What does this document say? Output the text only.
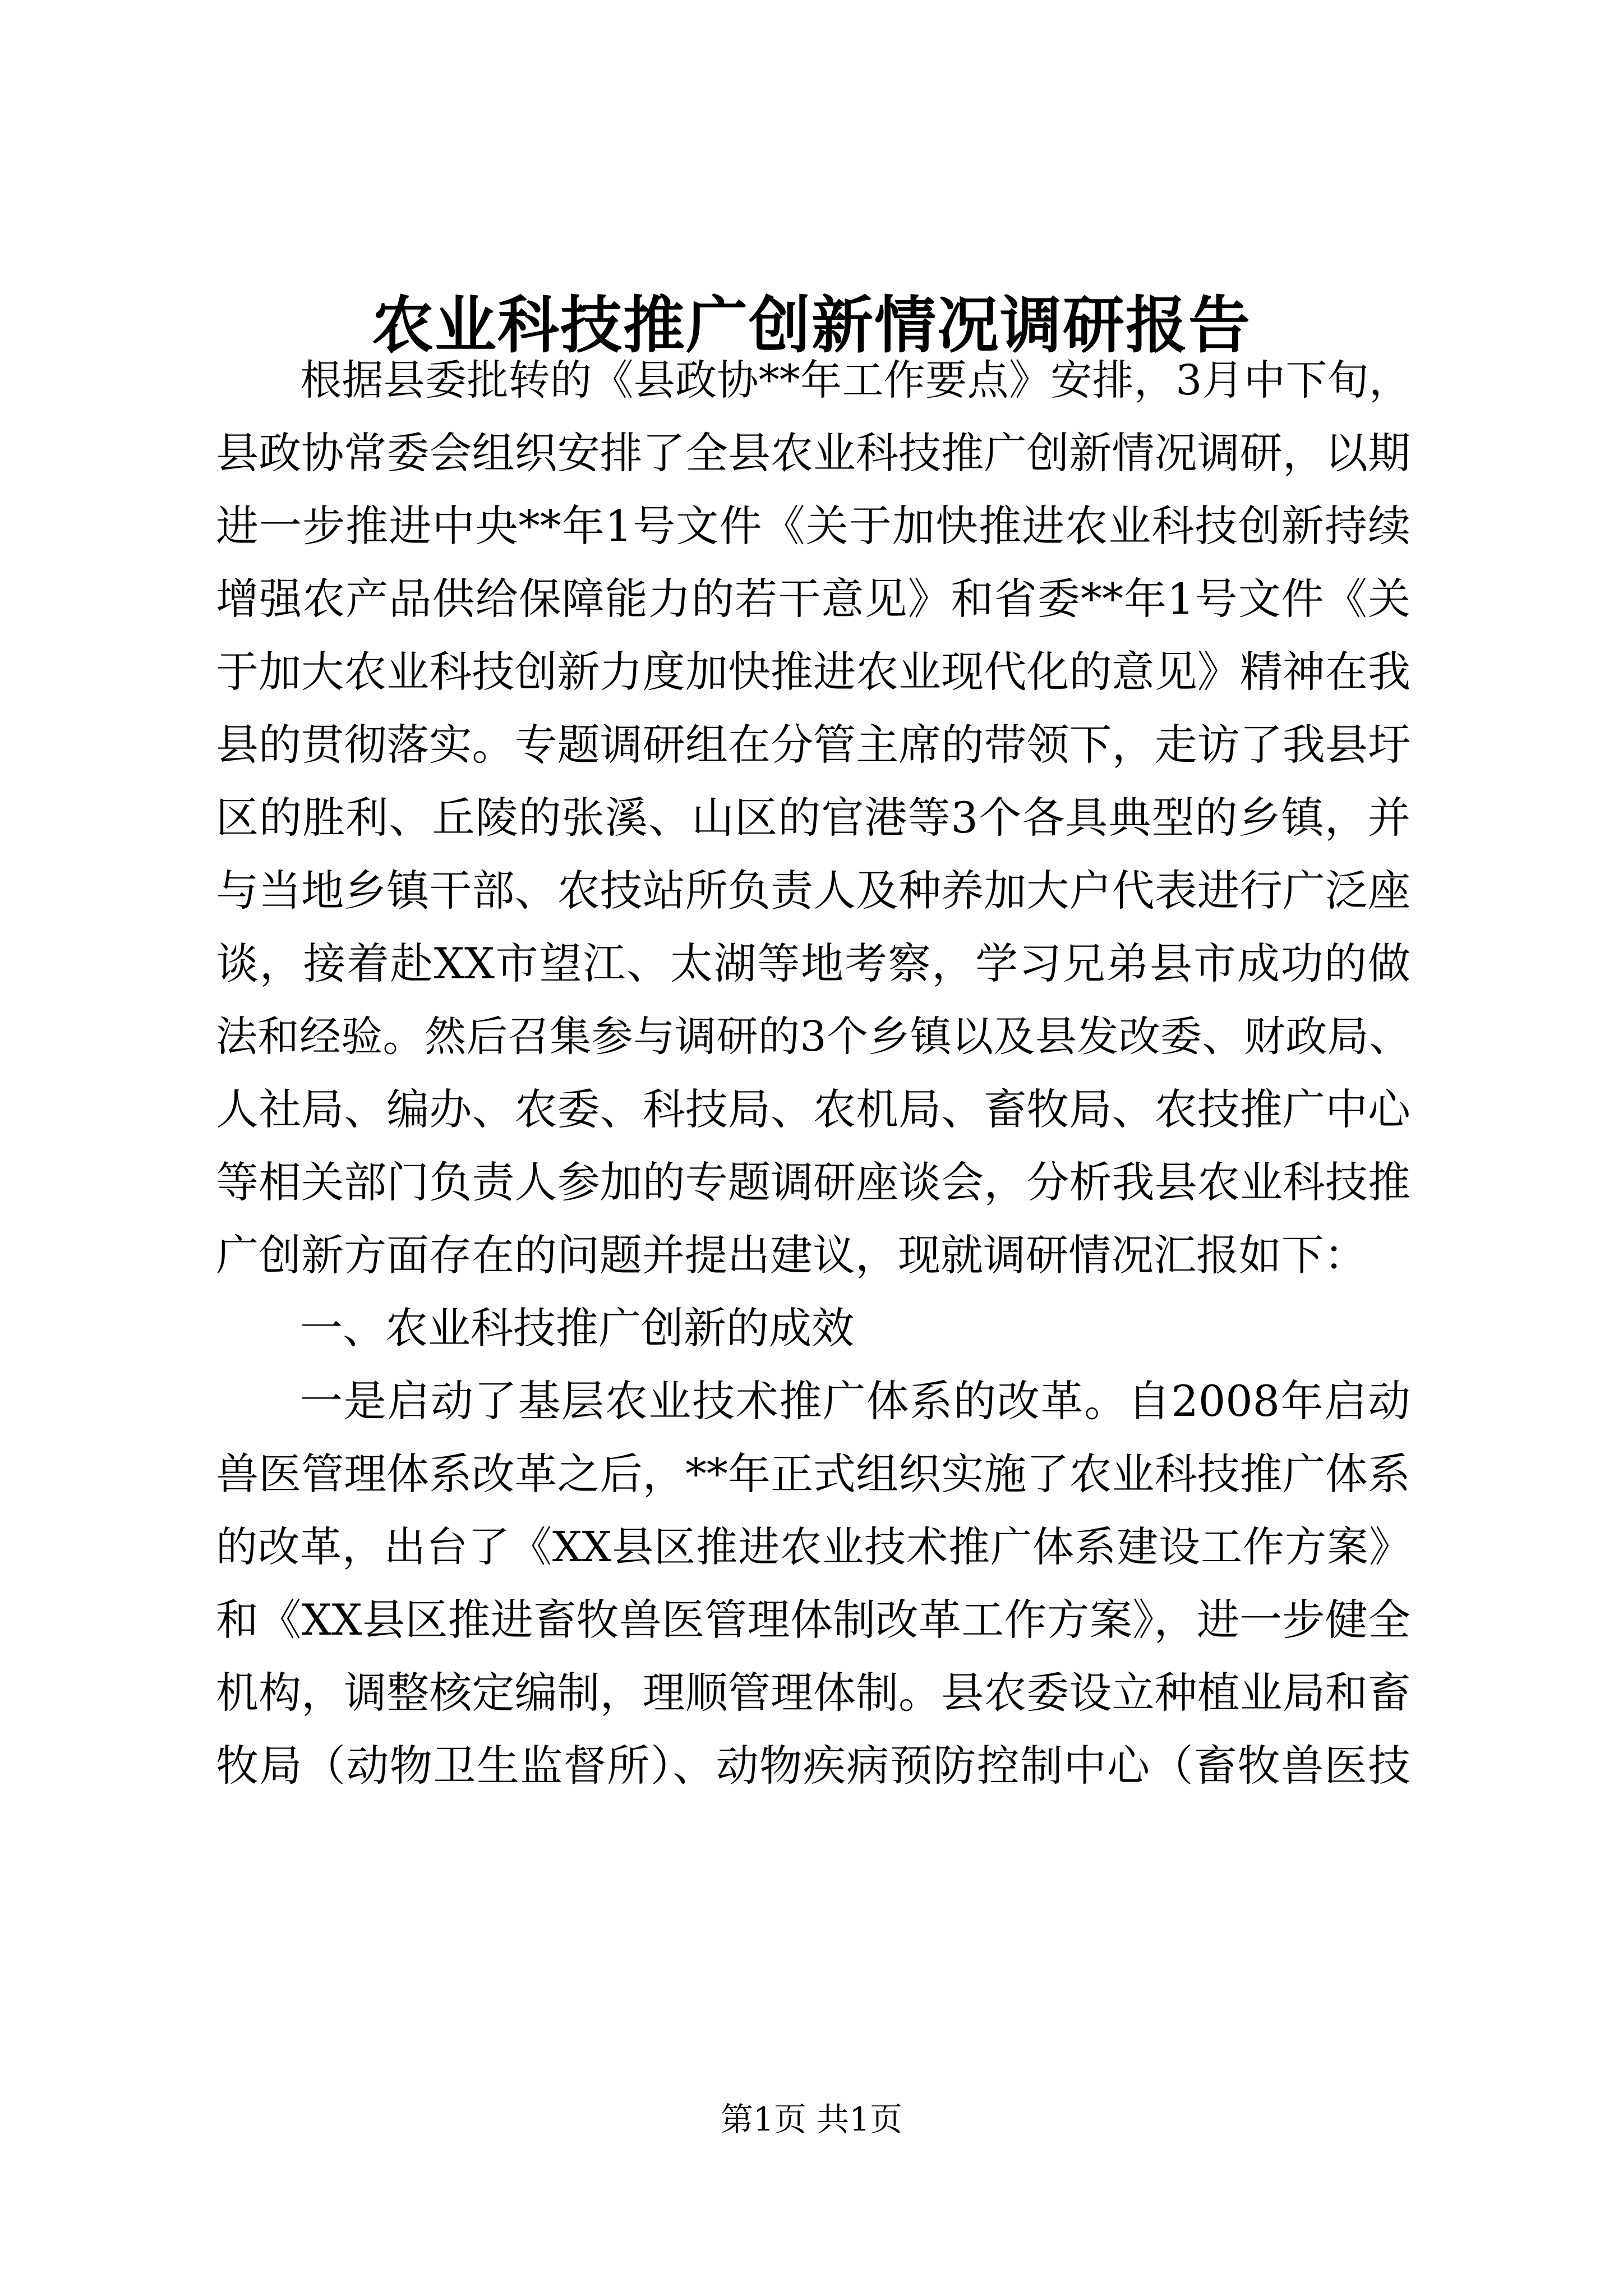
农业科技推广创新情况调研报告
根据县委批转的《县政协**年工作要点》安排，3月中下旬，
县政协常委会组织安排了全县农业科技推广创新情况调研，以期
进一步推进中央**年1号文件《关于加快推进农业科技创新持续
增强农产品供给保障能力的若干意见》和省委**年1号文件《关
于加大农业科技创新力度加快推进农业现代化的意见》精神在我
县的贯彻落实。专题调研组在分管主席的带领下，走访了我县圩
区的胜利、丘陵的张溪、山区的官港等3个各具典型的乡镇，并
与当地乡镇干部、农技站所负责人及种养加大户代表进行广泛座
谈，接着赴XX市望江、太湖等地考察，学习兄弟县市成功的做
法和经验。然后召集参与调研的3个乡镇以及县发改委、财政局、
人社局、编办、农委、科技局、农机局、畜牧局、农技推广中心
等相关部门负责人参加的专题调研座谈会，分析我县农业科技推
广创新方面存在的问题并提出建议，现就调研情况汇报如下：
一、农业科技推广创新的成效
一是启动了基层农业技术推广体系的改革。自2008年启动
兽医管理体系改革之后，**年正式组织实施了农业科技推广体系
的改革，出台了《XX县区推进农业技术推广体系建设工作方案》
和《XX县区推进畜牧兽医管理体制改革工作方案》，进一步健全
机构，调整核定编制，理顺管理体制。县农委设立种植业局和畜
牧局（动物卫生监督所）、动物疾病预防控制中心（畜牧兽医技
第1页 共1页
